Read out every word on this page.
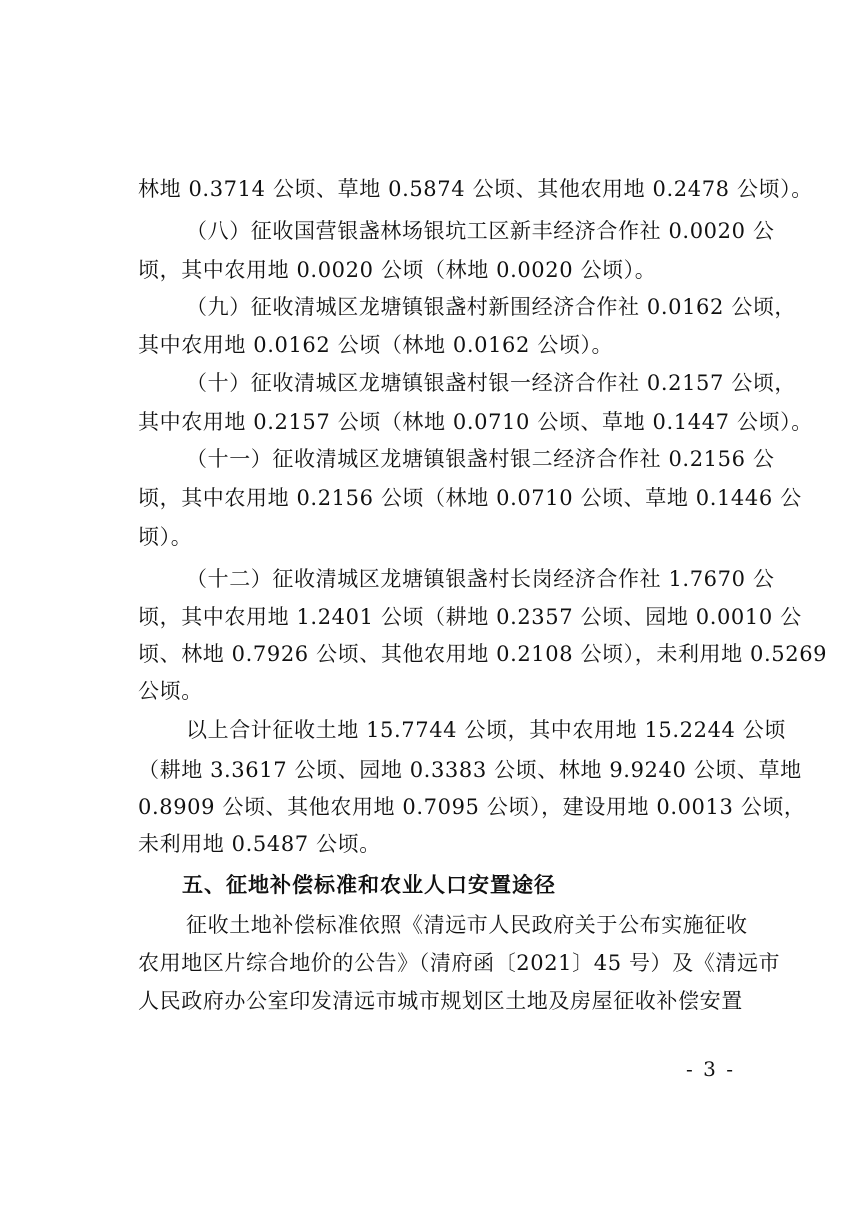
林地 0.3714 公顷、草地 0.5874 公顷、其他农用地 0.2478 公顷）。
（八）征收国营银盏林场银坑工区新丰经济合作社 0.0020 公
顷，其中农用地 0.0020 公顷（林地 0.0020 公顷）。
（九）征收清城区龙塘镇银盏村新围经济合作社 0.0162 公顷，
其中农用地 0.0162 公顷（林地 0.0162 公顷）。
（十）征收清城区龙塘镇银盏村银一经济合作社 0.2157 公顷，
其中农用地 0.2157 公顷（林地 0.0710 公顷、草地 0.1447 公顷）。
（十一）征收清城区龙塘镇银盏村银二经济合作社 0.2156 公
顷，其中农用地 0.2156 公顷（林地 0.0710 公顷、草地 0.1446 公
顷）。
（十二）征收清城区龙塘镇银盏村长岗经济合作社 1.7670 公
顷，其中农用地 1.2401 公顷（耕地 0.2357 公顷、园地 0.0010 公
顷、林地 0.7926 公顷、其他农用地 0.2108 公顷），未利用地 0.5269
公顷。
以上合计征收土地 15.7744 公顷，其中农用地 15.2244 公顷
（耕地 3.3617 公顷、园地 0.3383 公顷、林地 9.9240 公顷、草地
0.8909 公顷、其他农用地 0.7095 公顷），建设用地 0.0013 公顷，
未利用地 0.5487 公顷。
五、征地补偿标准和农业人口安置途径
征收土地补偿标准依照《清远市人民政府关于公布实施征收
农用地区片综合地价的公告》（清府函〔2021〕45 号）及《清远市
人民政府办公室印发清远市城市规划区土地及房屋征收补偿安置
- 3 -
